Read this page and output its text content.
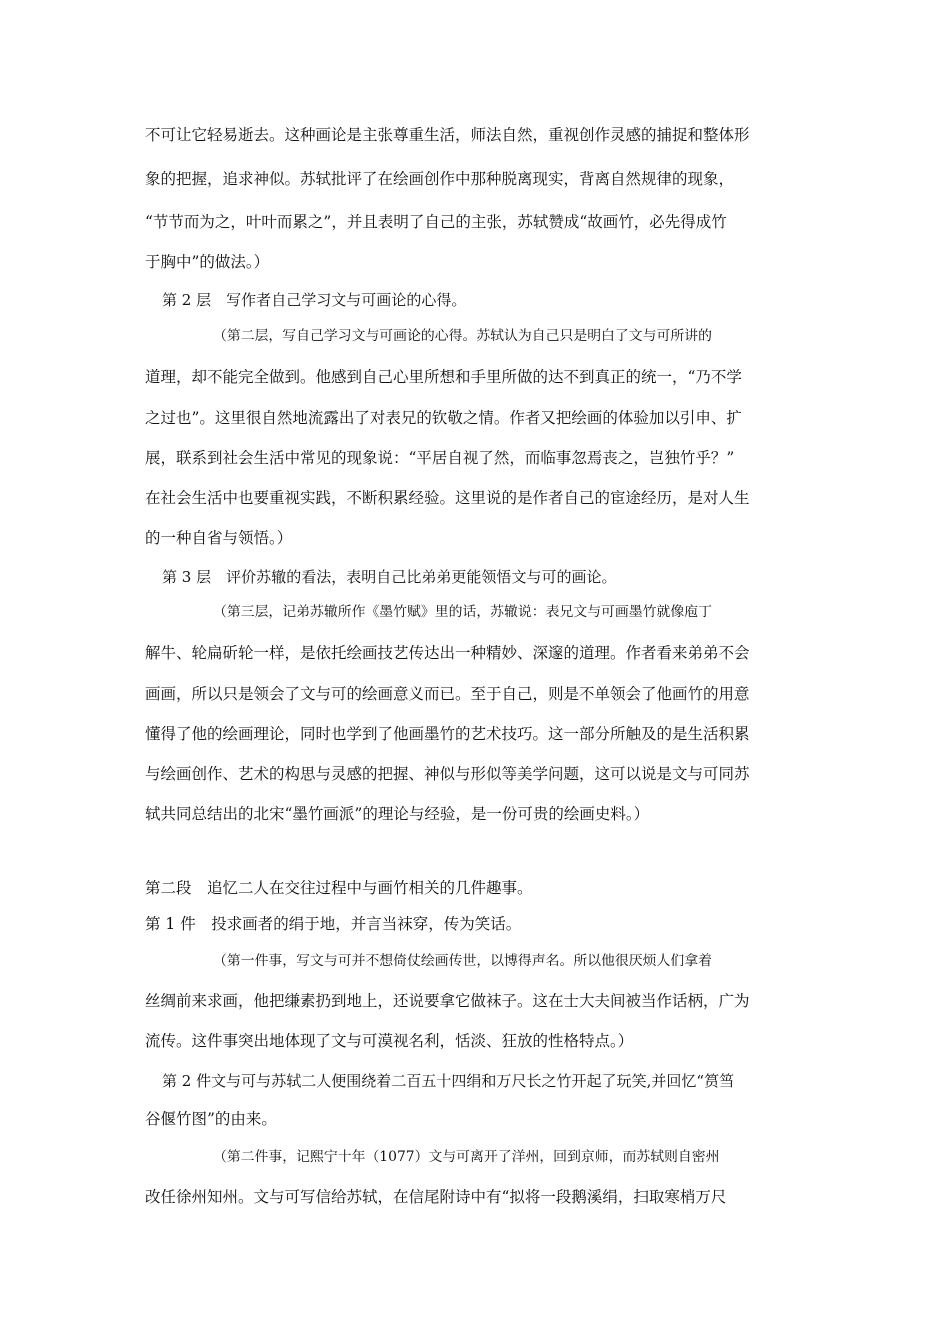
不可让它轻易逝去。这种画论是主张尊重生活，师法自然，重视创作灵感的捕捉和整体形

象的把握，追求神似。苏轼批评了在绘画创作中那种脱离现实，背离自然规律的现象，

“节节而为之，叶叶而累之”，并且表明了自己的主张，苏轼赞成“故画竹，必先得成竹

于胸中”的做法。）

第 2 层　写作者自己学习文与可画论的心得。

（第二层，写自己学习文与可画论的心得。苏轼认为自己只是明白了文与可所讲的

道理，却不能完全做到。他感到自己心里所想和手里所做的达不到真正的统一，“乃不学

之过也”。这里很自然地流露出了对表兄的钦敬之情。作者又把绘画的体验加以引申、扩

展，联系到社会生活中常见的现象说：“平居自视了然，而临事忽焉丧之，岂独竹乎？”

在社会生活中也要重视实践，不断积累经验。这里说的是作者自己的宦途经历，是对人生

的一种自省与领悟。）

第 3 层　评价苏辙的看法，表明自己比弟弟更能领悟文与可的画论。

（第三层，记弟苏辙所作《墨竹赋》里的话，苏辙说：表兄文与可画墨竹就像庖丁

解牛、轮扁斫轮一样，是依托绘画技艺传达出一种精妙、深邃的道理。作者看来弟弟不会

画画，所以只是领会了文与可的绘画意义而已。至于自己，则是不单领会了他画竹的用意

懂得了他的绘画理论，同时也学到了他画墨竹的艺术技巧。这一部分所触及的是生活积累

与绘画创作、艺术的构思与灵感的把握、神似与形似等美学问题，这可以说是文与可同苏

轼共同总结出的北宋“墨竹画派”的理论与经验，是一份可贵的绘画史料。）

第二段　追忆二人在交往过程中与画竹相关的几件趣事。

第 1 件　投求画者的绢于地，并言当袜穿，传为笑话。

（第一件事，写文与可并不想倚仗绘画传世，以博得声名。所以他很厌烦人们拿着

丝绸前来求画，他把缣素扔到地上，还说要拿它做袜子。这在士大夫间被当作话柄，广为

流传。这件事突出地体现了文与可漠视名利，恬淡、狂放的性格特点。）

第 2 件文与可与苏轼二人便围绕着二百五十四绢和万尺长之竹开起了玩笑,并回忆“筼筜

谷偃竹图”的由来。

（第二件事，记熙宁十年（1077）文与可离开了洋州，回到京师，而苏轼则自密州

改任徐州知州。文与可写信给苏轼，在信尾附诗中有“拟将一段鹅溪绢，扫取寒梢万尺
